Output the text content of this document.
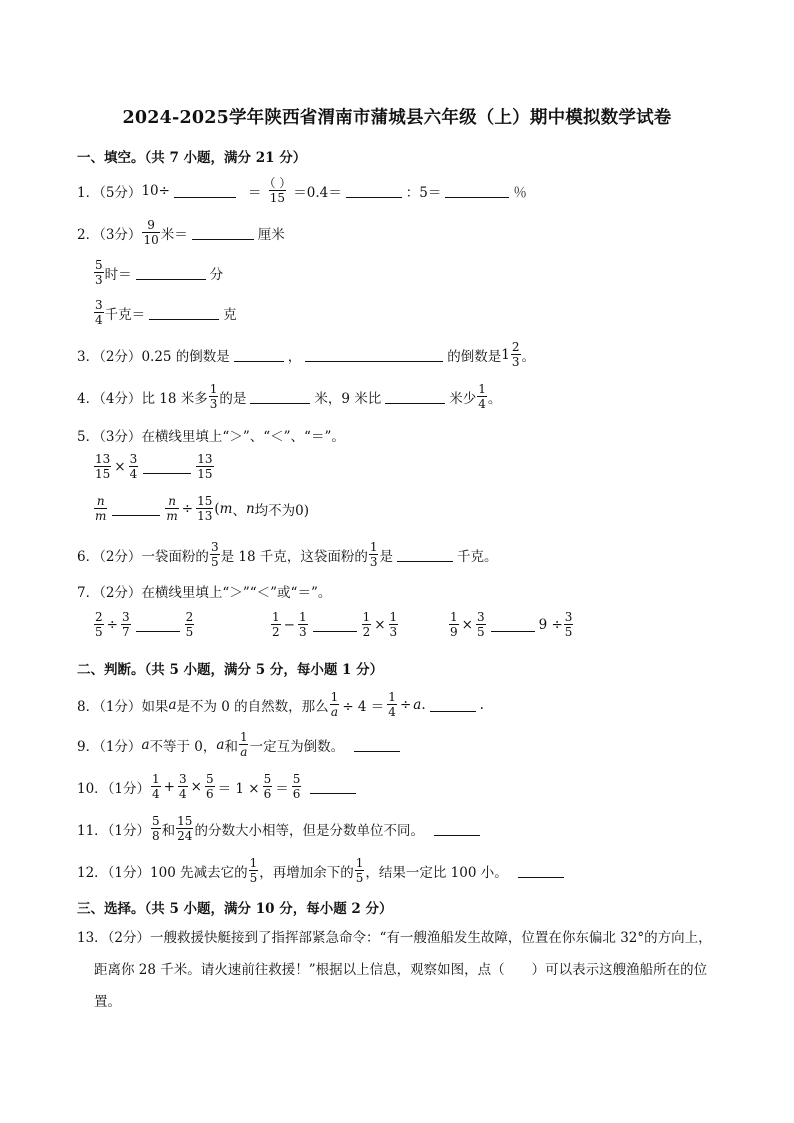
2024-2025学年陕西省渭南市蒲城县六年级（上）期中模拟数学试卷
一、填空。（共 7 小题，满分 21 分）
1．（5分） 10÷	＝ $\frac{( )}{15} =0.4=$	：5＝	％
2．（3分） $\frac{9}{10}$ 米＝	厘米
$\frac{5}{3}$ 时＝	分
$\frac{3}{4}$ 千克＝	克
3．（2分） 0.25 的倒数是	，	的倒数是 $1 \frac{2}{3}$ 。
4．（4分） 比 18 米多 $\frac{1}{3}$ 的是	米，9 米比	米少 $\frac{1}{4}$ 。
5．（3分） 在横线里填上“＞”、“＜”、“＝”。
$\frac{13}{15} \times \frac{3}{4}$	$\frac{13}{15}$
$\frac{n}{m}$	$\frac{n}{m} \div \frac{15}{13}$ ( m 、 n 均不为0)
6．（2分） 一袋面粉的 $\frac{3}{5}$ 是 18 千克，这袋面粉的 $\frac{1}{3}$ 是	千克。
7．（2分） 在横线里填上“＞”“＜”或“＝”。
$\frac{2}{5} \div \frac{3}{7}$	$\frac{2}{5}$	$\frac{1}{2} - \frac{1}{3}$	$\frac{1}{2} \times \frac{1}{3}$	$\frac{1}{9} \times \frac{3}{5}$	$9 \div \frac{3}{5}$
二、判断。（共 5 小题，满分 5 分，每小题 1 分）
8．（1分） 如果 a 是不为 0 的自然数，那么 $\frac{1}{a} \div 4 = \frac{1}{4} \div a$ .	.
9．（1分） a 不等于 0， a 和 $\frac{1}{a}$ 一定互为倒数。
10．（1分） $\frac{1}{4} + \frac{3}{4} \times \frac{5}{6} = 1 \times \frac{5}{6} = \frac{5}{6}$
11．（1分） $\frac{5}{8}$ 和 $\frac{15}{24}$ 的分数大小相等，但是分数单位不同。
12．（1分） 100 先减去它的 $\frac{1}{5}$ ，再增加余下的 $\frac{1}{5}$ ，结果一定比 100 小。
三、选择。（共 5 小题，满分 10 分，每小题 2 分）
13．（2分）一艘救援快艇接到了指挥部紧急命令：“有一艘渔船发生故障，位置在你东偏北 32°的方向上，
距离你 28 千米。请火速前往救援！”根据以上信息，观察如图，点（　　）可以表示这艘渔船所在的位
置。
